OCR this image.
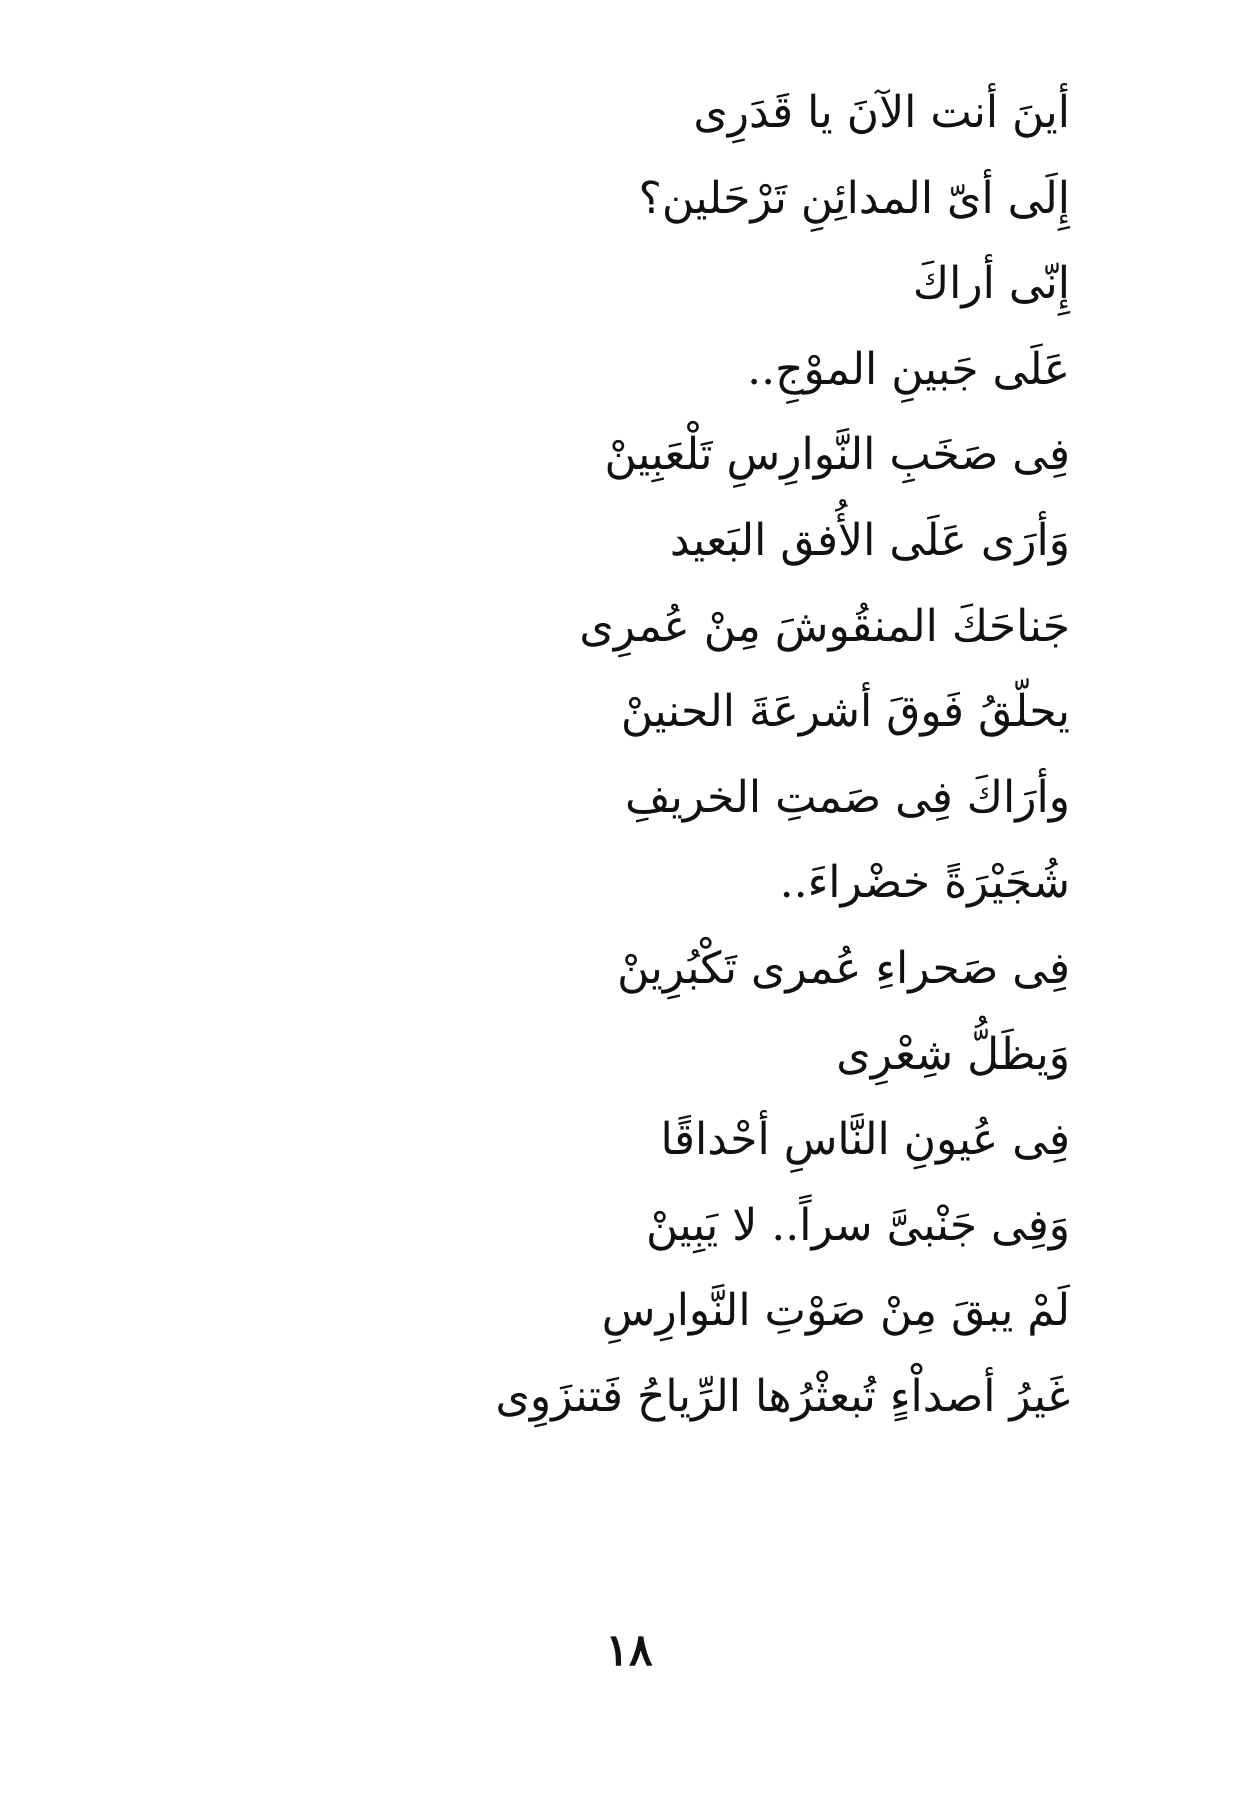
أينَ أنت الآنَ يا قَدَرِى
إِلَى أىّ المدائِنِ تَرْحَلين؟
إِنّى أراكَ
عَلَى جَبينِ الموْجِ..
فِى صَخَبِ النَّوارِسِ تَلْعَبِينْ
وَأرَى عَلَى الأُفق البَعيد
جَناحَكَ المنقُوشَ مِنْ عُمرِى
يحلّقُ فَوقَ أشرعَةَ الحنينْ
وأرَاكَ فِى صَمتِ الخريفِ
شُجَيْرَةً خضْراءَ..
فِى صَحراءِ عُمرى تَكْبُرِينْ
وَيظَلُّ شِعْرِى
فِى عُيونِ النَّاسِ أحْداقًا
وَفِى جَنْبىَّ سراً.. لا يَبِينْ
لَمْ يبقَ مِنْ صَوْتِ النَّوارِسِ
غَيرُ أصداْءٍ تُبعثْرُها الرِّياحُ فَتنزَوِى
١٨
